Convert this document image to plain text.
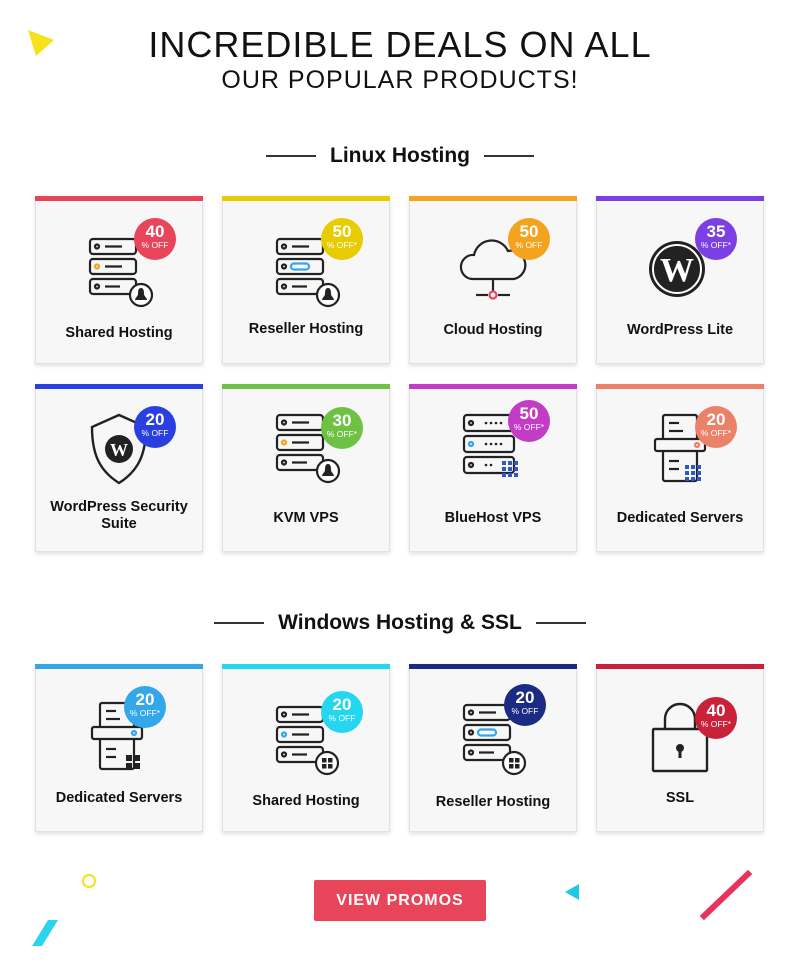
INCREDIBLE DEALS ON ALL
OUR POPULAR PRODUCTS!
Linux Hosting
40
% OFF
Shared Hosting
50
% OFF*
Reseller Hosting
50
% OFF
Cloud Hosting
W
35
% OFF*
WordPress Lite
W
20
% OFF
WordPress Security Suite
30
% OFF*
KVM VPS
50
% OFF*
BlueHost VPS
20
% OFF*
Dedicated Servers
Windows Hosting & SSL
20
% OFF*
Dedicated Servers
20
% OFF
Shared Hosting
20
% OFF
Reseller Hosting
40
% OFF*
SSL
VIEW PROMOS
